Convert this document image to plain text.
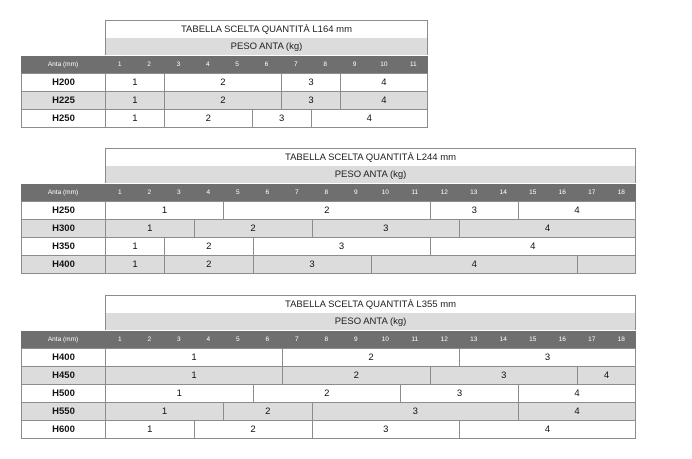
TABELLA SCELTA QUANTITÀ L164 mm
PESO ANTA (kg)
Anta (mm)	1	2	3	4	5	6	7	8	9	10	11
H200	1	2	3	4
H225	1	2	3	4
H250	1	2	3	4
TABELLA SCELTA QUANTITÀ L244 mm
PESO ANTA (kg)
Anta (mm)	1	2	3	4	5	6	7	8	9	10	11	12	13	14	15	16	17	18
H250	1	2	3	4
H300	1	2	3	4
H350	1	2	3	4
H400	1	2	3	4
TABELLA SCELTA QUANTITÀ L355 mm
PESO ANTA (kg)
Anta (mm)	1	2	3	4	5	6	7	8	9	10	11	12	13	14	15	16	17	18
H400	1	2	3
H450	1	2	3	4
H500	1	2	3	4
H550	1	2	3	4
H600	1	2	3	4
